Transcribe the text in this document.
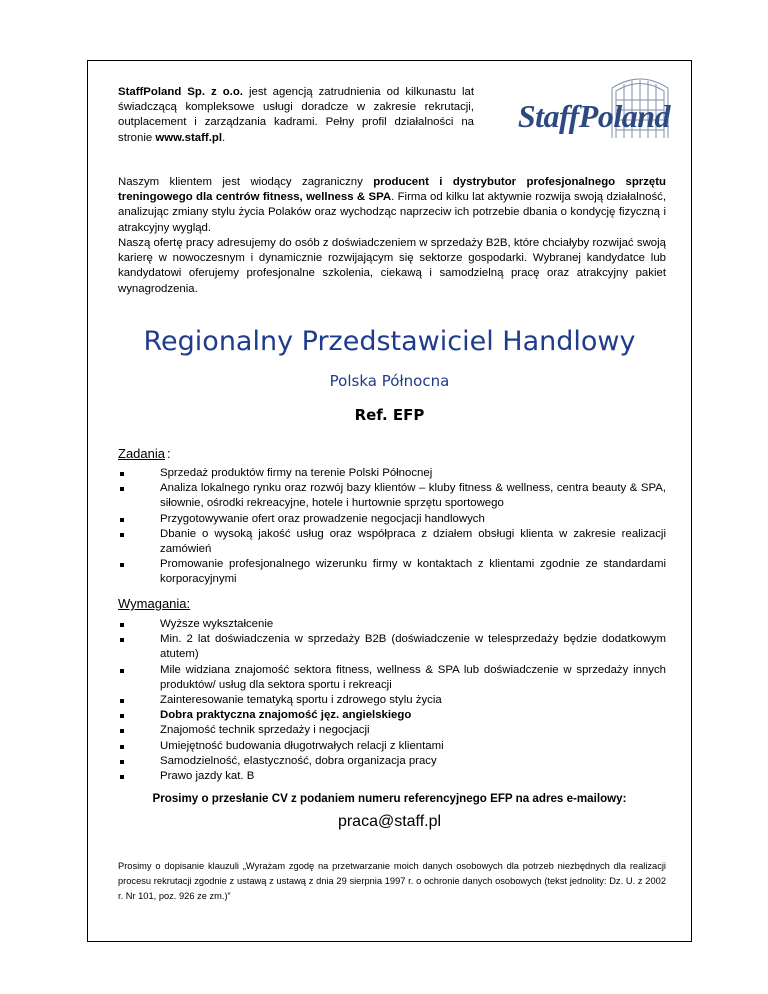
StaffPoland Sp. z o.o. jest agencją zatrudnienia od kilkunastu lat świadczącą kompleksowe usługi doradcze w zakresie rekrutacji, outplacement i zarządzania kadrami. Pełny profil działalności na stronie www.staff.pl.

StaffPoland

Naszym klientem jest wiodący zagraniczny producent i dystrybutor profesjonalnego sprzętu treningowego dla centrów fitness, wellness & SPA. Firma od kilku lat aktywnie rozwija swoją działalność, analizując zmiany stylu życia Polaków oraz wychodząc naprzeciw ich potrzebie dbania o kondycję fizyczną i atrakcyjny wygląd.

Naszą ofertę pracy adresujemy do osób z doświadczeniem w sprzedaży B2B, które chciałyby rozwijać swoją karierę w nowoczesnym i dynamicznie rozwijającym się sektorze gospodarki. Wybranej kandydatce lub kandydatowi oferujemy profesjonalne szkolenia, ciekawą i samodzielną pracę oraz atrakcyjny pakiet wynagrodzenia.

Regionalny Przedstawiciel Handlowy
Polska Północna
Ref. EFP
Zadania :
Sprzedaż produktów firmy na terenie Polski Północnej
Analiza lokalnego rynku oraz rozwój bazy klientów – kluby fitness & wellness, centra beauty & SPA, siłownie, ośrodki rekreacyjne, hotele i hurtownie sprzętu sportowego
Przygotowywanie ofert oraz prowadzenie negocjacji handlowych
Dbanie o wysoką jakość usług oraz współpraca z działem obsługi klienta w zakresie realizacji zamówień
Promowanie profesjonalnego wizerunku firmy w kontaktach z klientami zgodnie ze standardami korporacyjnymi
Wymagania:
Wyższe wykształcenie
Min. 2 lat doświadczenia w sprzedaży B2B (doświadczenie w telesprzedaży będzie dodatkowym atutem)
Mile widziana znajomość sektora fitness, wellness & SPA lub doświadczenie w sprzedaży innych produktów/ usług dla sektora sportu i rekreacji
Zainteresowanie tematyką sportu i zdrowego stylu życia
Dobra praktyczna znajomość jęz. angielskiego
Znajomość technik sprzedaży i negocjacji
Umiejętność budowania długotrwałych relacji z klientami
Samodzielność, elastyczność, dobra organizacja pracy
Prawo jazdy kat. B
Prosimy o przesłanie CV z podaniem numeru referencyjnego EFP na adres e-mailowy:
praca@staff.pl

Prosimy o dopisanie klauzuli „Wyrażam zgodę na przetwarzanie moich danych osobowych dla potrzeb niezbędnych dla realizacji procesu rekrutacji zgodnie z ustawą z ustawą z dnia 29 sierpnia 1997 r. o ochronie danych osobowych (tekst jednolity: Dz. U. z 2002 r. Nr 101, poz. 926 ze zm.)”
